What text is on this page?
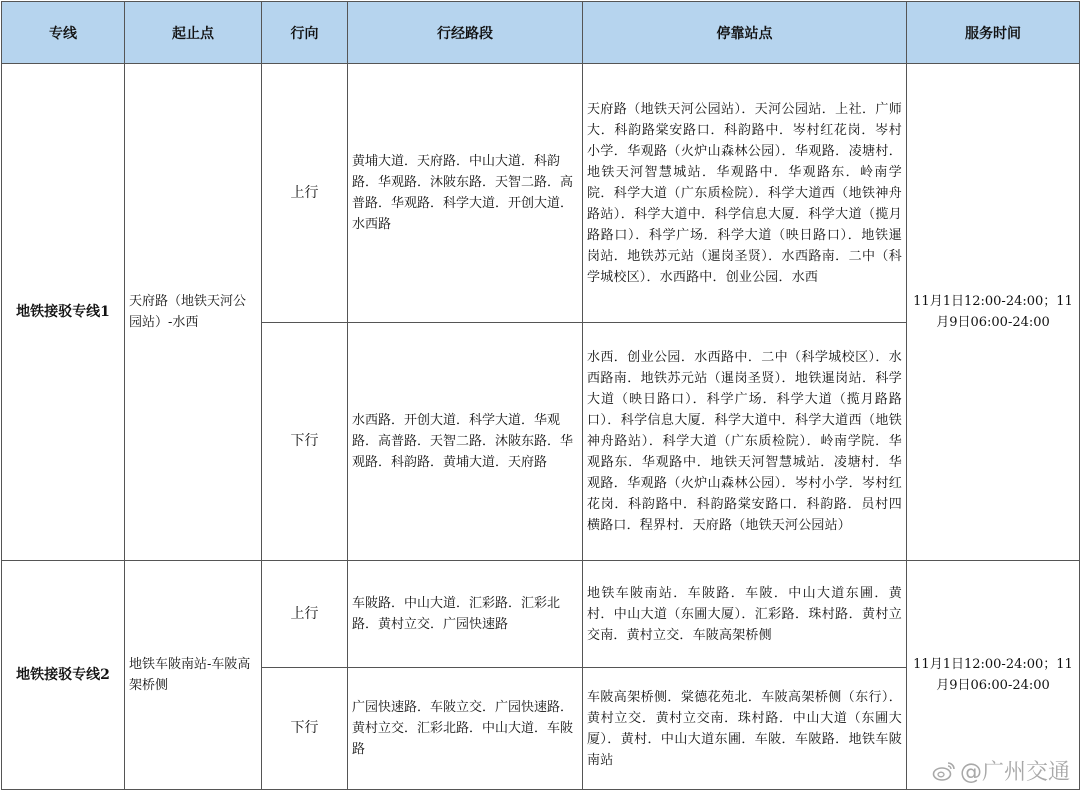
专线	起止点	行向	行经路段	停靠站点	服务时间
地铁接驳专线1	天府路（地铁天河公园站）-水西	上行	黄埔大道．天府路．中山大道．科韵路．华观路．沐陂东路．天智二路．高普路．华观路．科学大道．开创大道．水西路	天府路（地铁天河公园站）．天河公园站．上社．广师大．科韵路棠安路口．科韵路中．岑村红花岗．岑村小学．华观路（火炉山森林公园）．华观路．凌塘村．地铁天河智慧城站．华观路中．华观路东．岭南学院．科学大道（广东质检院）．科学大道西（地铁神舟路站）．科学大道中．科学信息大厦．科学大道（揽月路路口）．科学广场．科学大道（映日路口）．地铁暹岗站．地铁苏元站（暹岗圣贤）．水西路南．二中（科学城校区）．水西路中．创业公园．水西	11月1日12:00-24:00；11月9日06:00-24:00
		下行	水西路．开创大道．科学大道．华观路．高普路．天智二路．沐陂东路．华观路．科韵路．黄埔大道．天府路	水西．创业公园．水西路中．二中（科学城校区）．水西路南．地铁苏元站（暹岗圣贤）．地铁暹岗站．科学大道（映日路口）．科学广场．科学大道（揽月路路口）．科学信息大厦．科学大道中．科学大道西（地铁神舟路站）．科学大道（广东质检院）．岭南学院．华观路东．华观路中．地铁天河智慧城站．凌塘村．华观路．华观路（火炉山森林公园）．岑村小学．岑村红花岗．科韵路中．科韵路棠安路口．科韵路．员村四横路口．程界村．天府路（地铁天河公园站）	
地铁接驳专线2	地铁车陂南站-车陂高架桥侧	上行	车陂路．中山大道．汇彩路．汇彩北路．黄村立交．广园快速路	地铁车陂南站．车陂路．车陂．中山大道东圃．黄村．中山大道（东圃大厦）．汇彩路．珠村路．黄村立交南．黄村立交．车陂高架桥侧	11月1日12:00-24:00；11月9日06:00-24:00
		下行	广园快速路．车陂立交．广园快速路．黄村立交．汇彩北路．中山大道．车陂路	车陂高架桥侧．棠德花苑北．车陂高架桥侧（东行）．黄村立交．黄村立交南．珠村路．中山大道（东圃大厦）．黄村．中山大道东圃．车陂．车陂路．地铁车陂南站		@广州交通
